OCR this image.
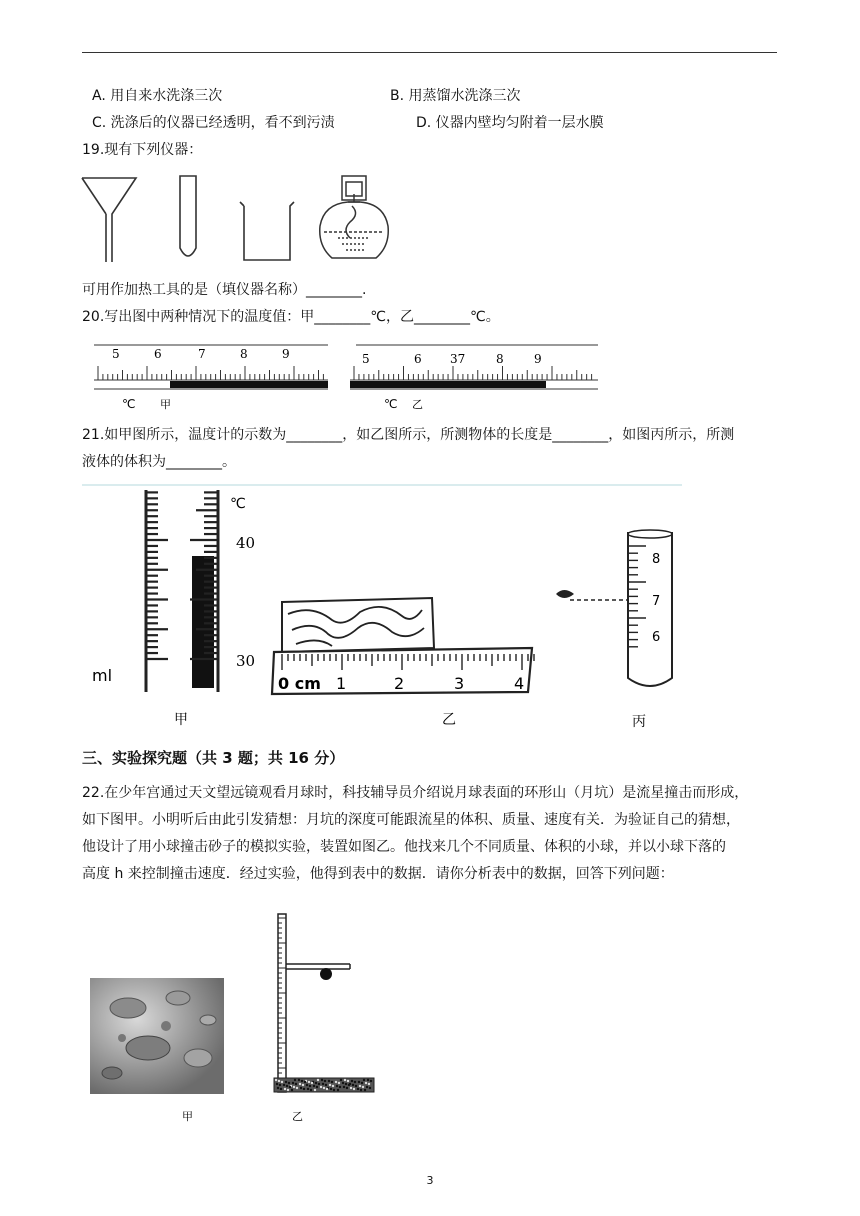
A. 用自来水洗涤三次	B. 用蒸馏水洗涤三次
C. 洗涤后的仪器已经透明，看不到污渍	D. 仪器内壁均匀附着一层水膜
19.现有下列仪器：
可用作加热工具的是（填仪器名称）________.
20.写出图中两种情况下的温度值：甲________℃，乙________℃。
5	6	7	8	9
℃ 甲
5	6 37	8	9
℃ 乙
21.如甲图所示，温度计的示数为________，如乙图所示，所测物体的长度是________，如图丙所示，所测
液体的体积为________。
℃
40
30
ml
甲
0 cm 1	2	3	4
乙
8
7
6
丙
三、实验探究题（共 3 题；共 16 分）
22.在少年宫通过天文望远镜观看月球时，科技辅导员介绍说月球表面的环形山（月坑）是流星撞击而形成，
如下图甲。小明听后由此引发猜想：月坑的深度可能跟流星的体积、质量、速度有关．为验证自己的猜想，
他设计了用小球撞击砂子的模拟实验，装置如图乙。他找来几个不同质量、体积的小球，并以小球下落的
高度 h 来控制撞击速度．经过实验，他得到表中的数据．请你分析表中的数据，回答下列问题：
甲	乙
3
